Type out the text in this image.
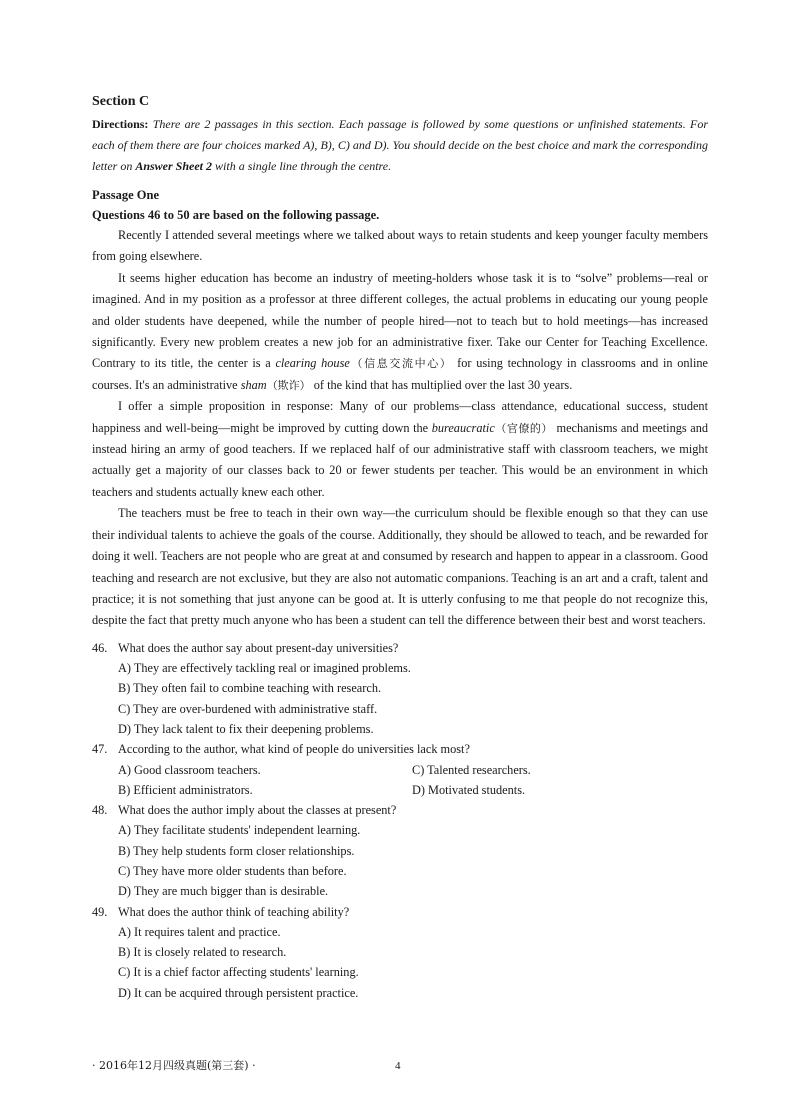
Section C
Directions: There are 2 passages in this section. Each passage is followed by some questions or unfinished statements. For each of them there are four choices marked A), B), C) and D). You should decide on the best choice and mark the corresponding letter on Answer Sheet 2 with a single line through the centre.
Passage One
Questions 46 to 50 are based on the following passage.

Recently I attended several meetings where we talked about ways to retain students and keep younger faculty members from going elsewhere.

It seems higher education has become an industry of meeting-holders whose task it is to “solve” problems—real or imagined. And in my position as a professor at three different colleges, the actual problems in educating our young people and older students have deepened, while the number of people hired—not to teach but to hold meetings—has increased significantly. Every new problem creates a new job for an administrative fixer. Take our Center for Teaching Excellence. Contrary to its title, the center is a clearing house（信息交流中心） for using technology in classrooms and in online courses. It's an administrative sham（欺诈） of the kind that has multiplied over the last 30 years.

I offer a simple proposition in response: Many of our problems—class attendance, educational success, student happiness and well-being—might be improved by cutting down the bureaucratic（官僚的） mechanisms and meetings and instead hiring an army of good teachers. If we replaced half of our administrative staff with classroom teachers, we might actually get a majority of our classes back to 20 or fewer students per teacher. This would be an environment in which teachers and students actually knew each other.

The teachers must be free to teach in their own way—the curriculum should be flexible enough so that they can use their individual talents to achieve the goals of the course. Additionally, they should be allowed to teach, and be rewarded for doing it well. Teachers are not people who are great at and consumed by research and happen to appear in a classroom. Good teaching and research are not exclusive, but they are also not automatic companions. Teaching is an art and a craft, talent and practice; it is not something that just anyone can be good at. It is utterly confusing to me that people do not recognize this, despite the fact that pretty much anyone who has been a student can tell the difference between their best and worst teachers.

46. What does the author say about present-day universities?
A) They are effectively tackling real or imagined problems.
B) They often fail to combine teaching with research.
C) They are over-burdened with administrative staff.
D) They lack talent to fix their deepening problems.
47. According to the author, what kind of people do universities lack most?
A) Good classroom teachers.	C) Talented researchers.
B) Efficient administrators.	D) Motivated students.
48. What does the author imply about the classes at present?
A) They facilitate students' independent learning.
B) They help students form closer relationships.
C) They have more older students than before.
D) They are much bigger than is desirable.
49. What does the author think of teaching ability?
A) It requires talent and practice.
B) It is closely related to research.
C) It is a chief factor affecting students' learning.
D) It can be acquired through persistent practice.
· 2016年12月四级真题(第三套) ·	4
